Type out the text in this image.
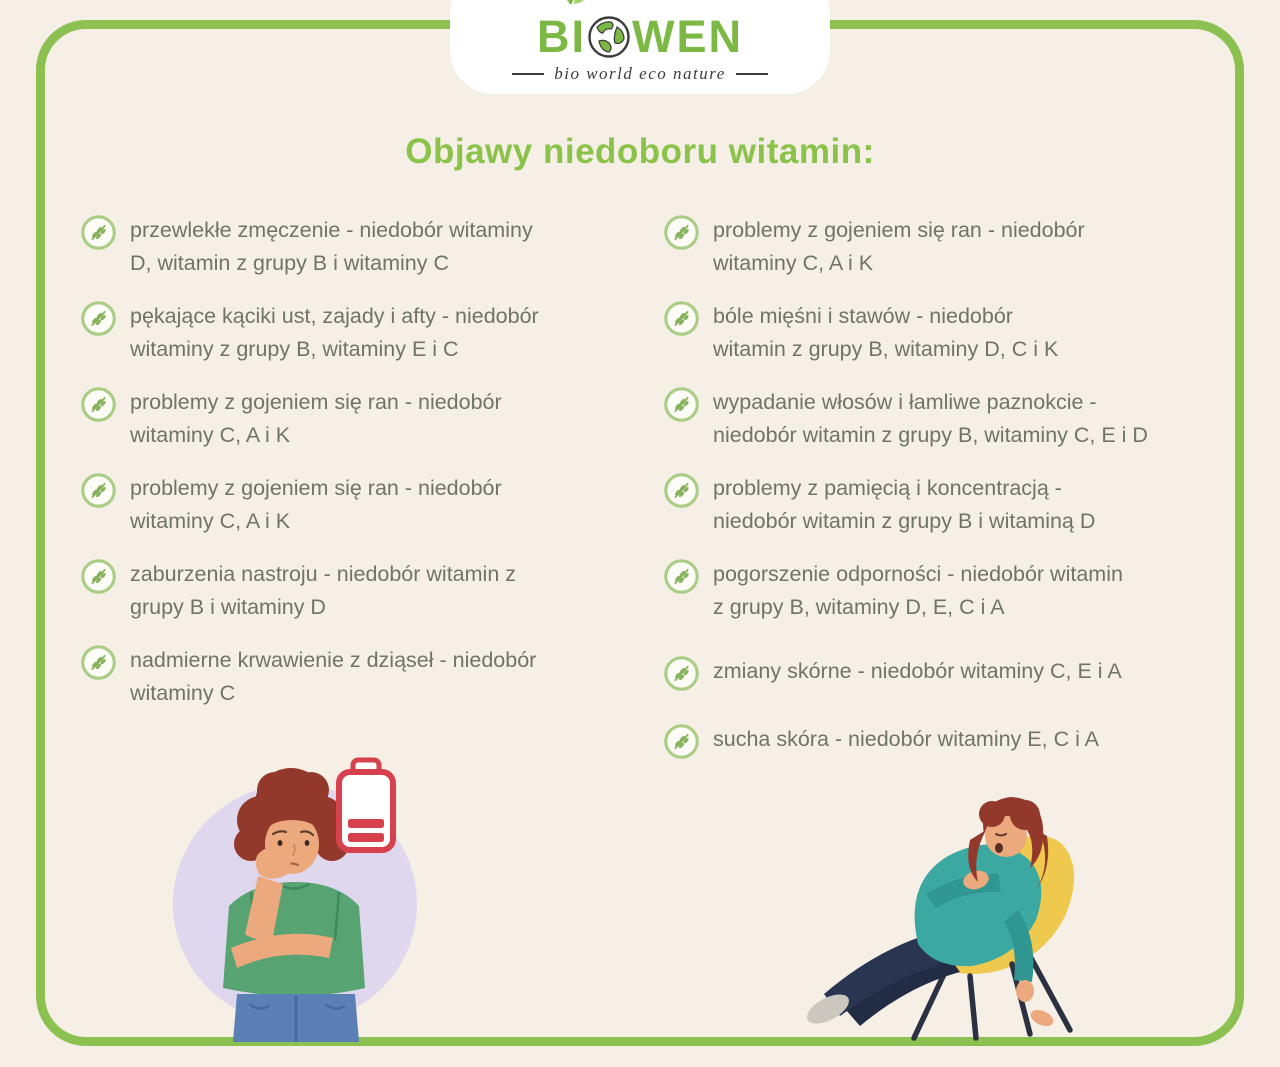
BI WEN
bio world eco nature
Objawy niedoboru witamin:

przewlekłe zmęczenie - niedobór witaminy
D, witamin z grupy B i witaminy C

pękające kąciki ust, zajady i afty - niedobór
witaminy z grupy B, witaminy E i C

problemy z gojeniem się ran - niedobór
witaminy C, A i K

problemy z gojeniem się ran - niedobór
witaminy C, A i K

zaburzenia nastroju - niedobór witamin z
grupy B i witaminy D

nadmierne krwawienie z dziąseł - niedobór
witaminy C

problemy z gojeniem się ran - niedobór
witaminy C, A i K

bóle mięśni i stawów - niedobór
witamin z grupy B, witaminy D, C i K

wypadanie włosów i łamliwe paznokcie -
niedobór witamin z grupy B, witaminy C, E i D

problemy z pamięcią i koncentracją -
niedobór witamin z grupy B i witaminą D

pogorszenie odporności - niedobór witamin
z grupy B, witaminy D, E, C i A

zmiany skórne - niedobór witaminy C, E i A

sucha skóra - niedobór witaminy E, C i A
